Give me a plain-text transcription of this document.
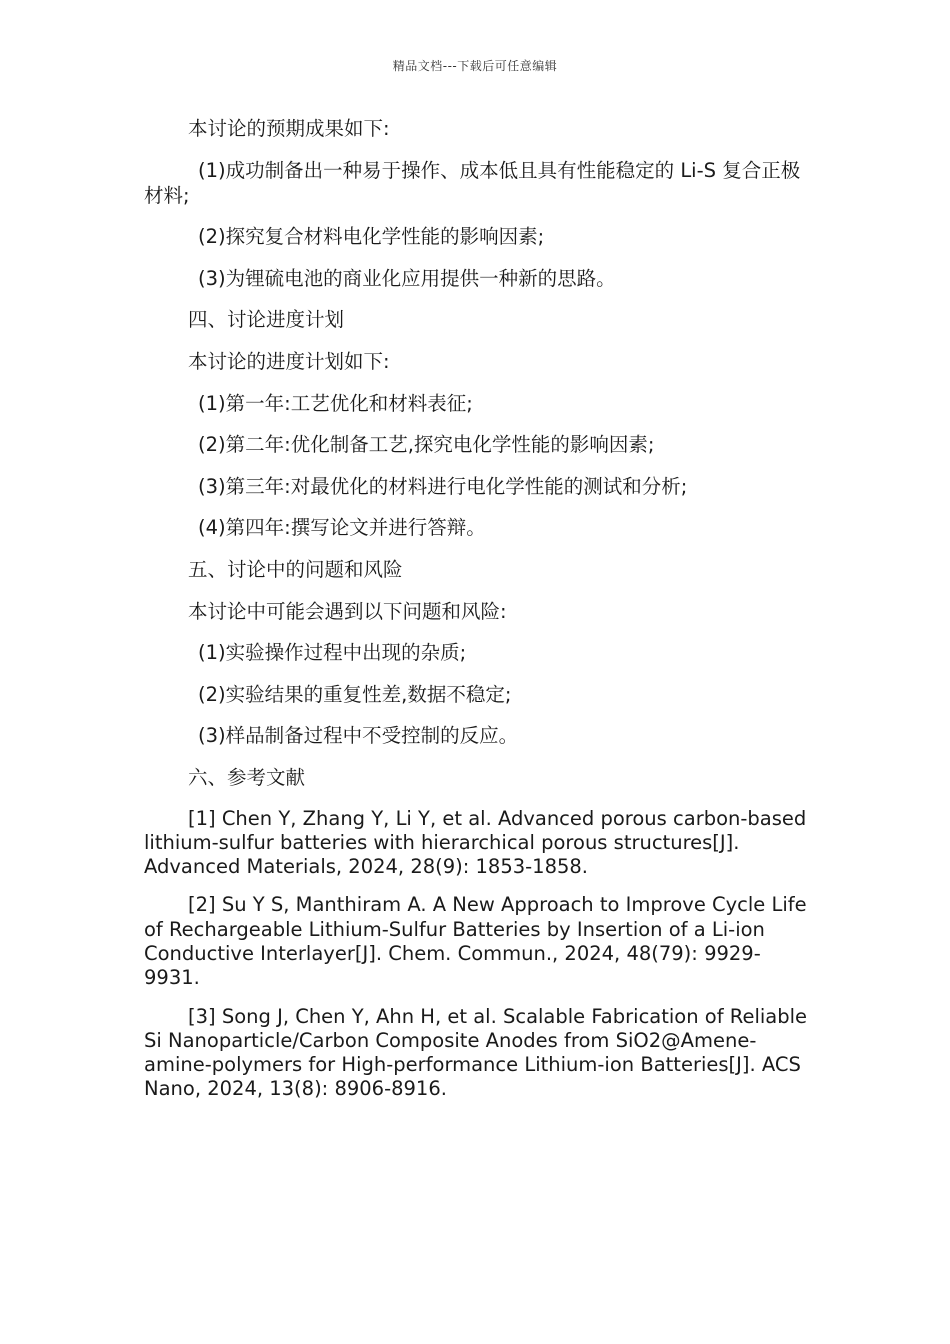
精品文档---下载后可任意编辑

本讨论的预期成果如下:

(1)成功制备出一种易于操作、成本低且具有性能稳定的 Li-S 复合正极材料;

(2)探究复合材料电化学性能的影响因素;

(3)为锂硫电池的商业化应用提供一种新的思路。

四、讨论进度计划

本讨论的进度计划如下:

(1)第一年:工艺优化和材料表征;

(2)第二年:优化制备工艺,探究电化学性能的影响因素;

(3)第三年:对最优化的材料进行电化学性能的测试和分析;

(4)第四年:撰写论文并进行答辩。

五、讨论中的问题和风险

本讨论中可能会遇到以下问题和风险:

(1)实验操作过程中出现的杂质;

(2)实验结果的重复性差,数据不稳定;

(3)样品制备过程中不受控制的反应。

六、参考文献

[1] Chen Y, Zhang Y, Li Y, et al. Advanced porous carbon-based lithium-sulfur batteries with hierarchical porous structures[J]. Advanced Materials, 2024, 28(9): 1853-1858.

[2] Su Y S, Manthiram A. A New Approach to Improve Cycle Life of Rechargeable Lithium-Sulfur Batteries by Insertion of a Li-ion Conductive Interlayer[J]. Chem. Commun., 2024, 48(79): 9929-9931.

[3] Song J, Chen Y, Ahn H, et al. Scalable Fabrication of Reliable Si Nanoparticle/Carbon Composite Anodes from SiO2@Amene-amine-polymers for High-performance Lithium-ion Batteries[J]. ACS Nano, 2024, 13(8): 8906-8916.
